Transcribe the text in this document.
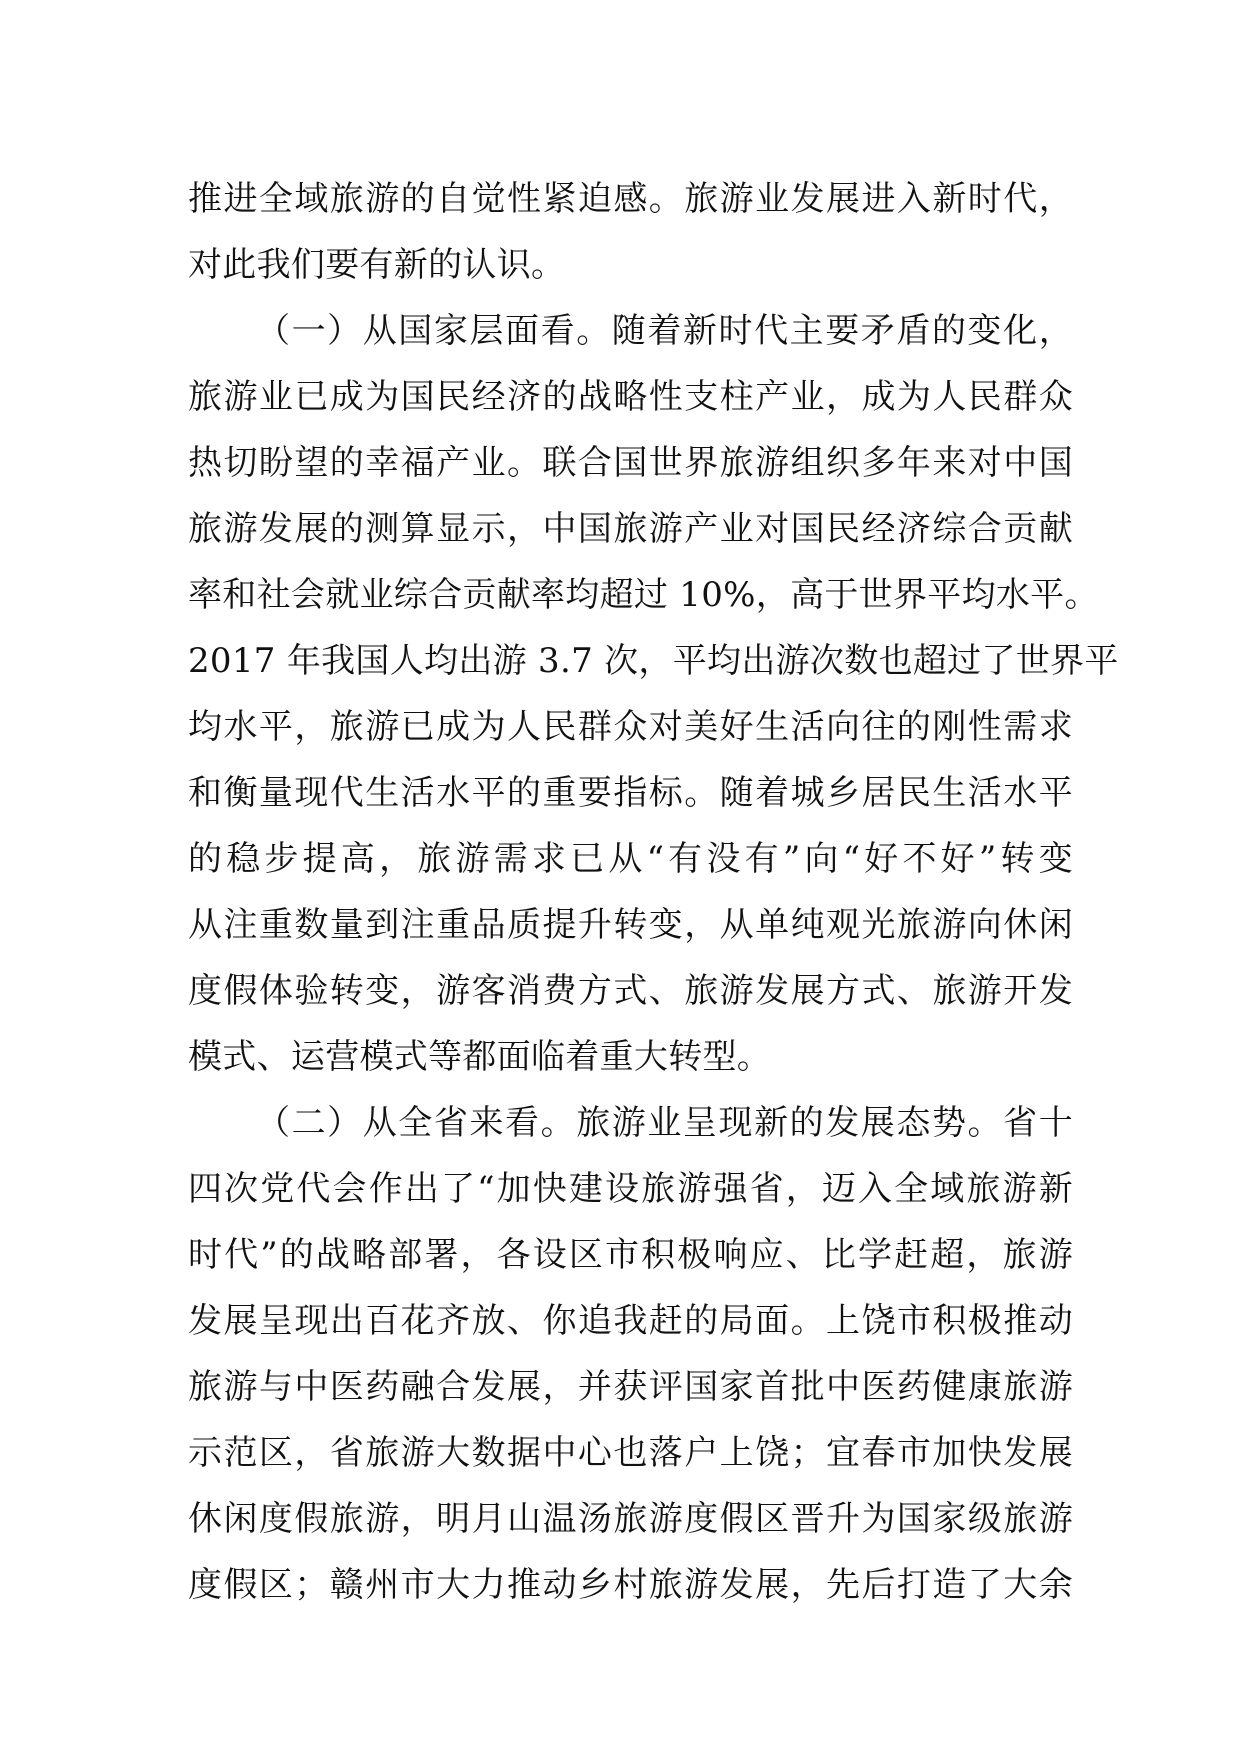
推进全域旅游的自觉性紧迫感。旅游业发展进入新时代，
对此我们要有新的认识。
（一）从国家层面看。随着新时代主要矛盾的变化，
旅游业已成为国民经济的战略性支柱产业，成为人民群众
热切盼望的幸福产业。联合国世界旅游组织多年来对中国
旅游发展的测算显示，中国旅游产业对国民经济综合贡献
率和社会就业综合贡献率均超过 10%，高于世界平均水平。
2017 年我国人均出游 3.7 次，平均出游次数也超过了世界平
均水平，旅游已成为人民群众对美好生活向往的刚性需求
和衡量现代生活水平的重要指标。随着城乡居民生活水平
的稳步提高，旅游需求已从“有没有”向“好不好”转变
从注重数量到注重品质提升转变，从单纯观光旅游向休闲
度假体验转变，游客消费方式、旅游发展方式、旅游开发
模式、运营模式等都面临着重大转型。
（二）从全省来看。旅游业呈现新的发展态势。省十
四次党代会作出了“加快建设旅游强省，迈入全域旅游新
时代”的战略部署，各设区市积极响应、比学赶超，旅游
发展呈现出百花齐放、你追我赶的局面。上饶市积极推动
旅游与中医药融合发展，并获评国家首批中医药健康旅游
示范区，省旅游大数据中心也落户上饶；宜春市加快发展
休闲度假旅游，明月山温汤旅游度假区晋升为国家级旅游
度假区；赣州市大力推动乡村旅游发展，先后打造了大余
